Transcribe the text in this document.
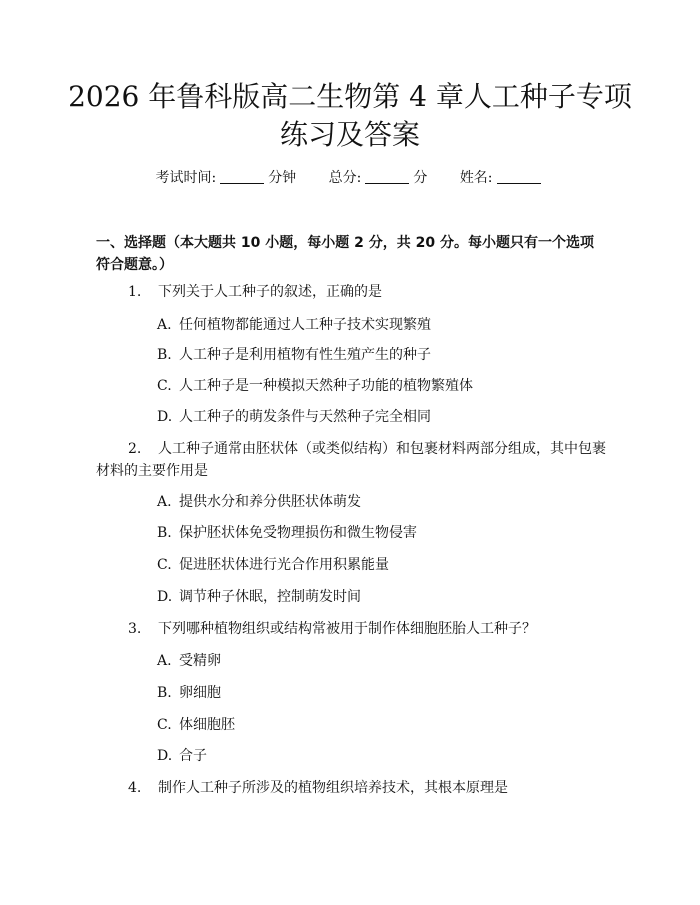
2026 年鲁科版高二生物第 4 章人工种子专项
练习及答案
考试时间:	分钟 总分:	分 姓名:
一、选择题（本大题共 10 小题，每小题 2 分，共 20 分。每小题只有一个选项符合题意。）
1. 下列关于人工种子的叙述，正确的是
A. 任何植物都能通过人工种子技术实现繁殖
B. 人工种子是利用植物有性生殖产生的种子
C. 人工种子是一种模拟天然种子功能的植物繁殖体
D. 人工种子的萌发条件与天然种子完全相同
2. 人工种子通常由胚状体（或类似结构）和包裹材料两部分组成，其中包裹材料的主要作用是
A. 提供水分和养分供胚状体萌发
B. 保护胚状体免受物理损伤和微生物侵害
C. 促进胚状体进行光合作用积累能量
D. 调节种子休眠，控制萌发时间
3. 下列哪种植物组织或结构常被用于制作体细胞胚胎人工种子？
A. 受精卵
B. 卵细胞
C. 体细胞胚
D. 合子
4. 制作人工种子所涉及的植物组织培养技术，其根本原理是
